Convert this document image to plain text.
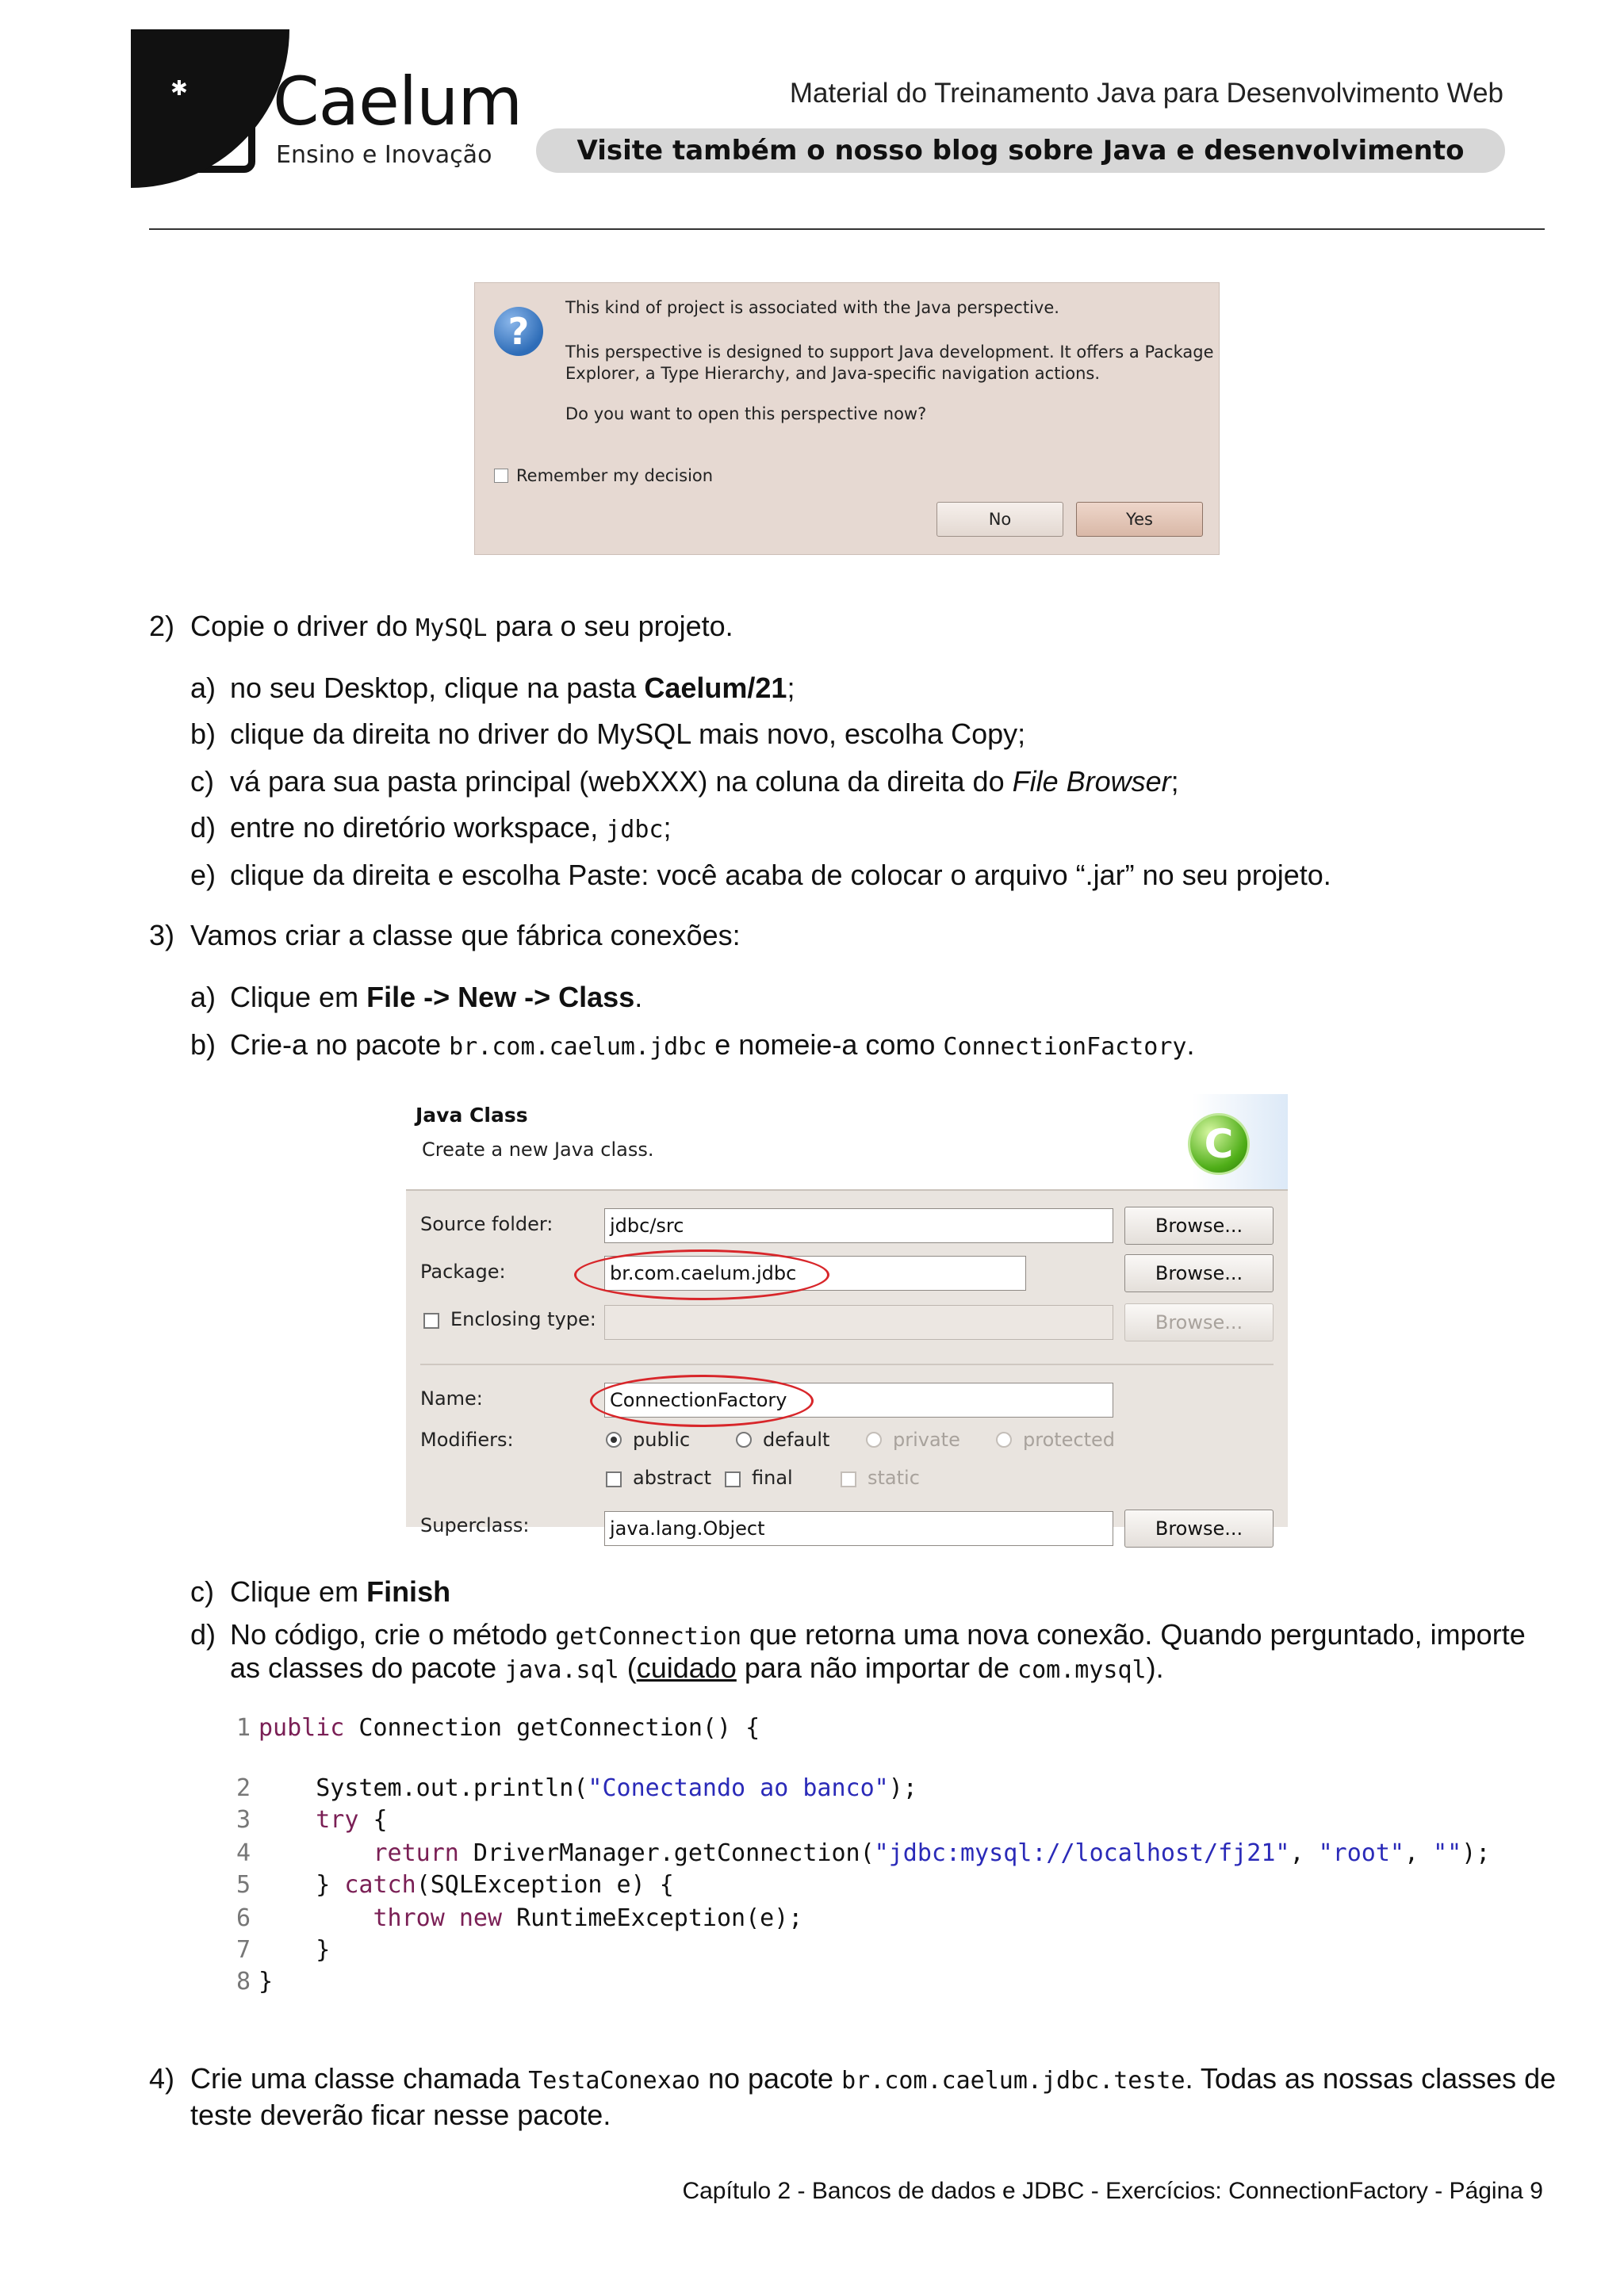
✱ Caelum
Ensino e Inovação
Material do Treinamento Java para Desenvolvimento Web
Visite também o nosso blog sobre Java e desenvolvimento
?
This kind of project is associated with the Java perspective.
This perspective is designed to support Java development. It offers a Package
Explorer, a Type Hierarchy, and Java-specific navigation actions.
Do you want to open this perspective now?
Remember my decision
No	Yes
2) Copie o driver do MySQL para o seu projeto.
a) no seu Desktop, clique na pasta Caelum/21;
b) clique da direita no driver do MySQL mais novo, escolha Copy;
c) vá para sua pasta principal (webXXX) na coluna da direita do File Browser;
d) entre no diretório workspace, jdbc;
e) clique da direita e escolha Paste: você acaba de colocar o arquivo “.jar” no seu projeto.
3) Vamos criar a classe que fábrica conexões:
a) Clique em File -> New -> Class.
b) Crie-a no pacote br.com.caelum.jdbc e nomeie-a como ConnectionFactory.
Java Class
Create a new Java class.	C
Source folder:	jdbc/src	Browse...
Package:	br.com.caelum.jdbc	Browse...
Enclosing type:	Browse...
Name:	ConnectionFactory
Modifiers:	public	default	private	protected
abstract final	static
Superclass:	java.lang.Object	Browse...
c) Clique em Finish
d) No código, crie o método getConnection que retorna uma nova conexão. Quando perguntado, importe
as classes do pacote java.sql (cuidado para não importar de com.mysql).
1 public Connection getConnection() {
2    System.out.println("Conectando ao banco");
3	try {
4	return DriverManager.getConnection("jdbc:mysql://localhost/fj21", "root", "");
5    } catch(SQLException e) {
6	throw new RuntimeException(e);
7    }
8 }
4) Crie uma classe chamada TestaConexao no pacote br.com.caelum.jdbc.teste. Todas as nossas classes de
teste deverão ficar nesse pacote.
Capítulo 2 - Bancos de dados e JDBC - Exercícios: ConnectionFactory - Página 9
